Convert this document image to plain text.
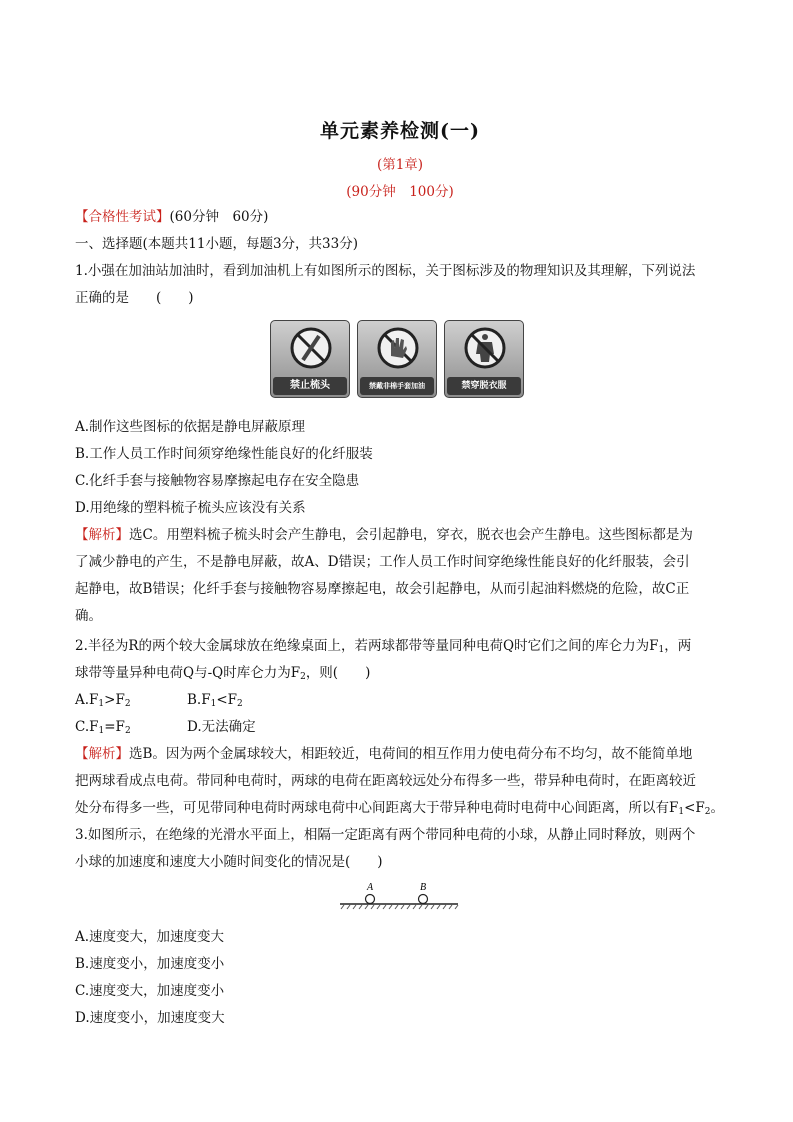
单元素养检测(一)
(第1章)
(90分钟　100分)
【合格性考试】(60分钟　60分)
一、选择题(本题共11小题，每题3分，共33分)
1.小强在加油站加油时，看到加油机上有如图所示的图标，关于图标涉及的物理知识及其理解，下列说法
正确的是　　(　　)
禁止梳头	禁戴非棉手套加油	禁穿脱衣服
A.制作这些图标的依据是静电屏蔽原理
B.工作人员工作时间须穿绝缘性能良好的化纤服装
C.化纤手套与接触物容易摩擦起电存在安全隐患
D.用绝缘的塑料梳子梳头应该没有关系
【解析】选C。用塑料梳子梳头时会产生静电，会引起静电，穿衣，脱衣也会产生静电。这些图标都是为
了减少静电的产生，不是静电屏蔽，故A、D错误；工作人员工作时间穿绝缘性能良好的化纤服装，会引
起静电，故B错误；化纤手套与接触物容易摩擦起电，故会引起静电，从而引起油料燃烧的危险，故C正
确。
2.半径为R的两个较大金属球放在绝缘桌面上，若两球都带等量同种电荷Q时它们之间的库仑力为$F_1$，两
球带等量异种电荷Q与-Q时库仑力为$F_2$，则(　　)
$A.F_1>F_2$	$B.F_1<F_2$
$C.F_1=F_2$	D.无法确定
【解析】选B。因为两个金属球较大，相距较近，电荷间的相互作用力使电荷分布不均匀，故不能简单地
把两球看成点电荷。带同种电荷时，两球的电荷在距离较远处分布得多一些，带异种电荷时，在距离较近
处分布得多一些，可见带同种电荷时两球电荷中心间距离大于带异种电荷时电荷中心间距离，所以有$F_1<F_2$。
3.如图所示，在绝缘的光滑水平面上，相隔一定距离有两个带同种电荷的小球，从静止同时释放，则两个
小球的加速度和速度大小随时间变化的情况是(　　)
A	B
A.速度变大，加速度变大
B.速度变小，加速度变小
C.速度变大，加速度变小
D.速度变小，加速度变大
